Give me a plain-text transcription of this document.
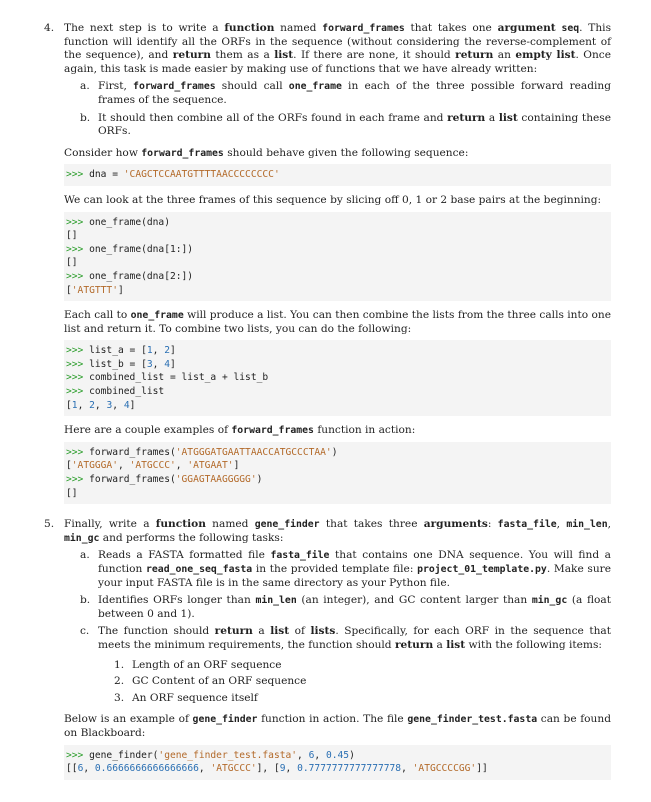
4. The next step is to write a function named forward_frames that takes one argument seq. This function will identify all the ORFs in the sequence (without considering the reverse-complement of the sequence), and return them as a list. If there are none, it should return an empty list. Once again, this task is made easier by making use of functions that we have already written:

a. First, forward_frames should call one_frame in each of the three possible forward reading frames of the sequence.

b. It should then combine all of the ORFs found in each frame and return a list containing these ORFs.

Consider how forward_frames should behave given the following sequence:

>>> dna = 'CAGCTCCAATGTTTTAACCCCCCCC'

We can look at the three frames of this sequence by slicing off 0, 1 or 2 base pairs at the beginning:

>>> one_frame(dna)
[]
>>> one_frame(dna[1:])
[]
>>> one_frame(dna[2:])
['ATGTTT']

Each call to one_frame will produce a list. You can then combine the lists from the three calls into one list and return it. To combine two lists, you can do the following:

>>> list_a = [1, 2]
>>> list_b = [3, 4]
>>> combined_list = list_a + list_b
>>> combined_list
[1, 2, 3, 4]

Here are a couple examples of forward_frames function in action:

>>> forward_frames('ATGGGATGAATTAACCATGCCCTAA')
['ATGGGA', 'ATGCCC', 'ATGAAT']
>>> forward_frames('GGAGTAAGGGGG')
[]
5. Finally, write a function named gene_finder that takes three arguments: fasta_file, min_len, min_gc and performs the following tasks:

a. Reads a FASTA formatted file fasta_file that contains one DNA sequence. You will find a function read_one_seq_fasta in the provided template file: project_01_template.py. Make sure your input FASTA file is in the same directory as your Python file.

b. Identifies ORFs longer than min_len (an integer), and GC content larger than min_gc (a float between 0 and 1).

c. The function should return a list of lists. Specifically, for each ORF in the sequence that meets the minimum requirements, the function should return a list with the following items:

1. Length of an ORF sequence
2. GC Content of an ORF sequence
3. An ORF sequence itself

Below is an example of gene_finder function in action. The file gene_finder_test.fasta can be found on Blackboard:

>>> gene_finder('gene_finder_test.fasta', 6, 0.45)
[[6, 0.6666666666666666, 'ATGCCC'], [9, 0.7777777777777778, 'ATGCCCCGG']]
